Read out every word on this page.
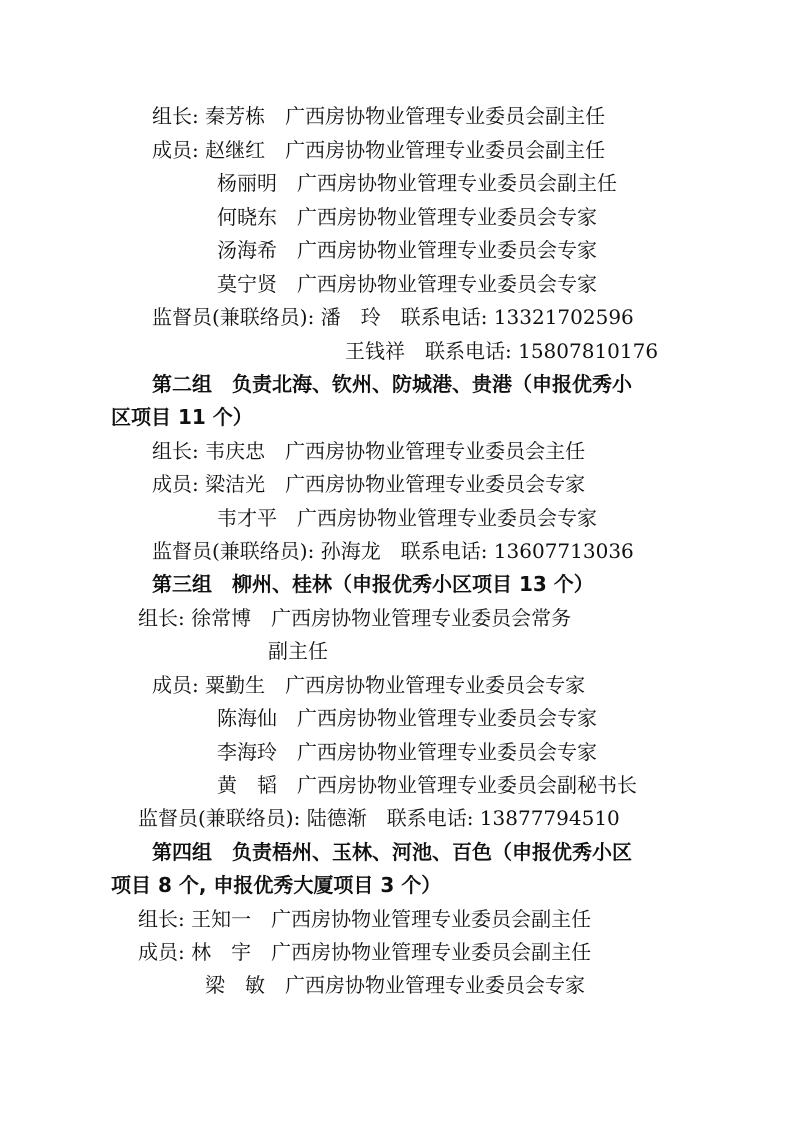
组长: 秦芳栋　广西房协物业管理专业委员会副主任
成员: 赵继红　广西房协物业管理专业委员会副主任
杨丽明　广西房协物业管理专业委员会副主任
何晓东　广西房协物业管理专业委员会专家
汤海希　广西房协物业管理专业委员会专家
莫宁贤　广西房协物业管理专业委员会专家
监督员(兼联络员): 潘　玲　联系电话: 13321702596
王钱祥　联系电话: 15807810176
第二组　负责北海、钦州、防城港、贵港（申报优秀小
区项目 11 个）
组长: 韦庆忠　广西房协物业管理专业委员会主任
成员: 梁洁光　广西房协物业管理专业委员会专家
韦才平　广西房协物业管理专业委员会专家
监督员(兼联络员): 孙海龙　联系电话: 13607713036
第三组　柳州、桂林（申报优秀小区项目 13 个）
组长: 徐常博　广西房协物业管理专业委员会常务
副主任
成员: 粟勤生　广西房协物业管理专业委员会专家
陈海仙　广西房协物业管理专业委员会专家
李海玲　广西房协物业管理专业委员会专家
黄　韬　广西房协物业管理专业委员会副秘书长
监督员(兼联络员): 陆德渐　联系电话: 13877794510
第四组　负责梧州、玉林、河池、百色（申报优秀小区
项目 8 个, 申报优秀大厦项目 3 个）
组长: 王知一　广西房协物业管理专业委员会副主任
成员: 林　宇　广西房协物业管理专业委员会副主任
梁　敏　广西房协物业管理专业委员会专家
